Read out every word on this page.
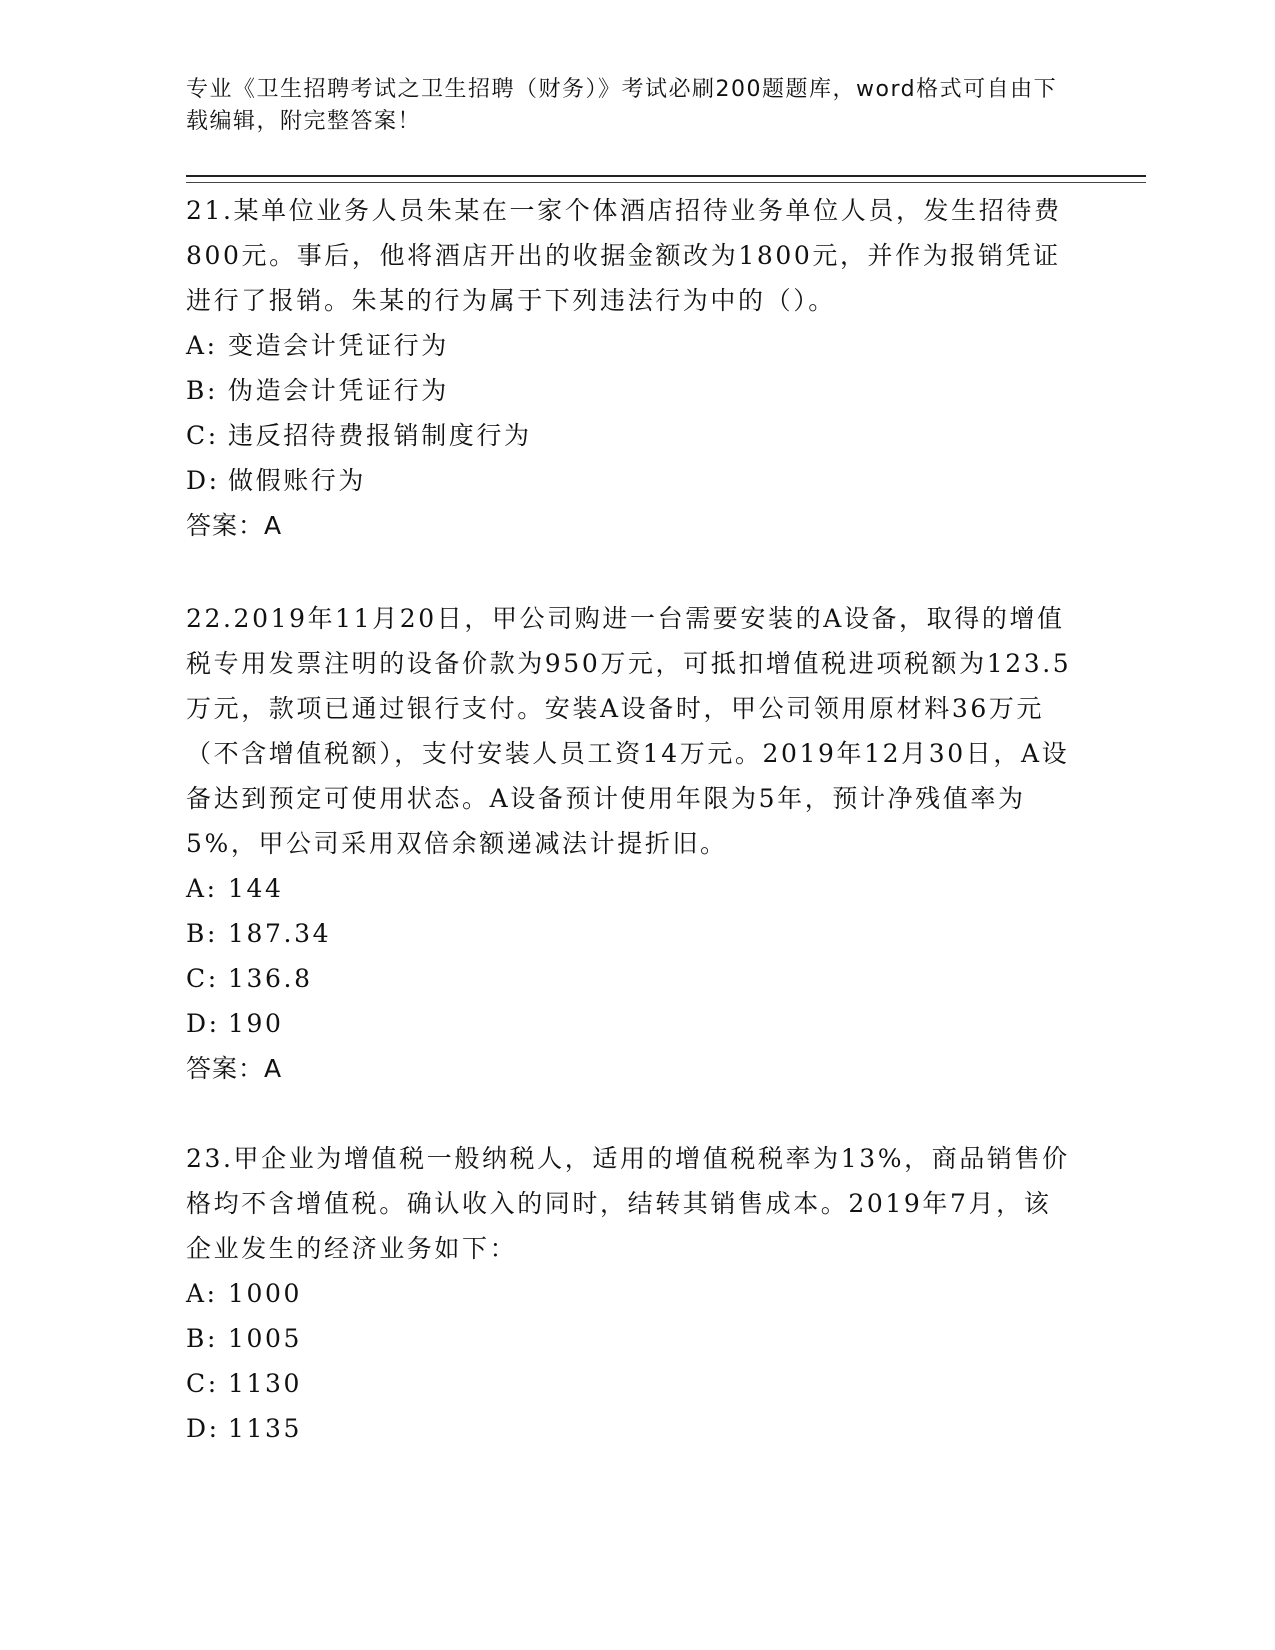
专业《卫生招聘考试之卫生招聘（财务）》考试必刷200题题库，word格式可自由下载编辑，附完整答案！

21.某单位业务人员朱某在一家个体酒店招待业务单位人员，发生招待费800元。事后，他将酒店开出的收据金额改为1800元，并作为报销凭证进行了报销。朱某的行为属于下列违法行为中的（）。

A: 变造会计凭证行为

B: 伪造会计凭证行为

C: 违反招待费报销制度行为

D: 做假账行为

答案：A

22.2019年11月20日，甲公司购进一台需要安装的A设备，取得的增值税专用发票注明的设备价款为950万元，可抵扣增值税进项税额为123.5万元，款项已通过银行支付。安装A设备时，甲公司领用原材料36万元（不含增值税额），支付安装人员工资14万元。2019年12月30日，A设备达到预定可使用状态。A设备预计使用年限为5年，预计净残值率为5%，甲公司采用双倍余额递减法计提折旧。

A: 144

B: 187.34

C: 136.8

D: 190

答案：A

23.甲企业为增值税一般纳税人，适用的增值税税率为13%，商品销售价格均不含增值税。确认收入的同时，结转其销售成本。2019年7月，该企业发生的经济业务如下：

A: 1000

B: 1005

C: 1130

D: 1135
